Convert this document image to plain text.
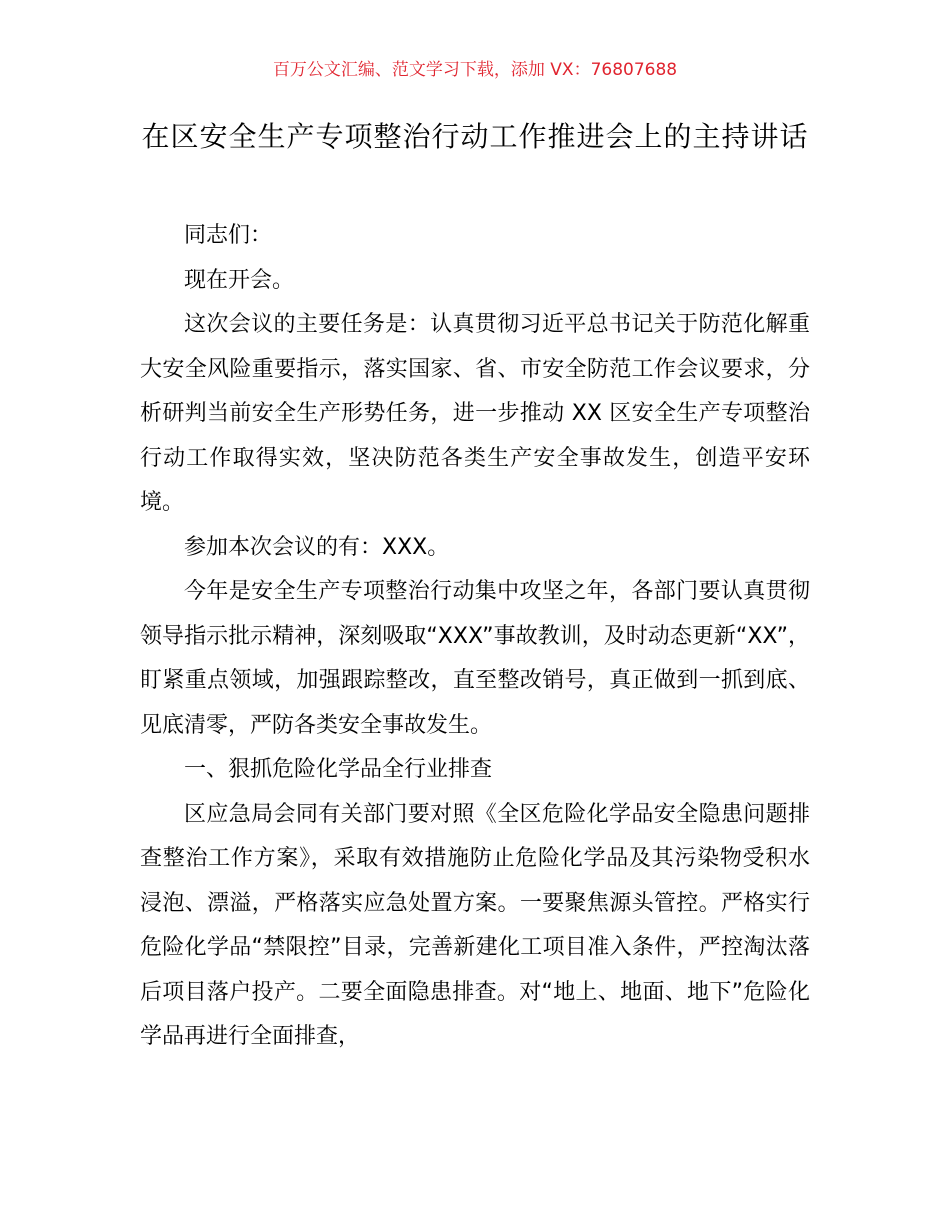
百万公文汇编、范文学习下载，添加 VX：76807688
在区安全生产专项整治行动工作推进会上的主持讲话

同志们：

现在开会。

这次会议的主要任务是：认真贯彻习近平总书记关于防范化解重大安全风险重要指示，落实国家、省、市安全防范工作会议要求，分析研判当前安全生产形势任务，进一步推动 XX 区安全生产专项整治行动工作取得实效，坚决防范各类生产安全事故发生，创造平安环境。

参加本次会议的有：XXX。

今年是安全生产专项整治行动集中攻坚之年，各部门要认真贯彻领导指示批示精神，深刻吸取“XXX”事故教训，及时动态更新“XX”，盯紧重点领域，加强跟踪整改，直至整改销号，真正做到一抓到底、见底清零，严防各类安全事故发生。

一、狠抓危险化学品全行业排查

区应急局会同有关部门要对照《全区危险化学品安全隐患问题排查整治工作方案》，采取有效措施防止危险化学品及其污染物受积水浸泡、漂溢，严格落实应急处置方案。一要聚焦源头管控。严格实行危险化学品“禁限控”目录，完善新建化工项目准入条件，严控淘汰落后项目落户投产。二要全面隐患排查。对“地上、地面、地下”危险化学品再进行全面排查，
